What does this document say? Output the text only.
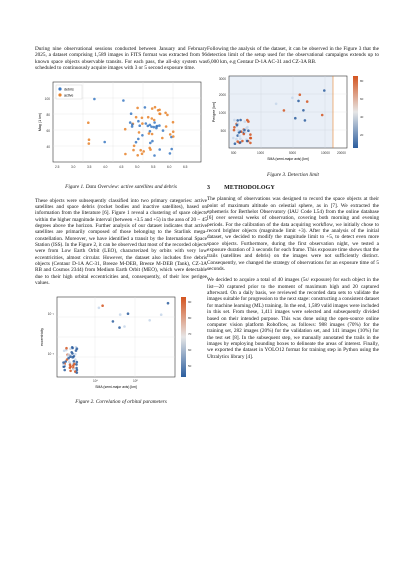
During nine observational sessions conducted between January and February 2025, a dataset comprising 1,589 images in FITS format was extracted from 96 known space objects observable transits. For each pass, the all-sky system was scheduled to continuously acquire images with 3 or 5 second exposure time.

debris
active
Mag (1 km)
100
80
60
40
2.5	3.0	3.5	4.0	4.5	5.0	5.5	6.0	6.5
Figure 1. Data Overview: active satellites and debris

These objects were subsequently classified into two primary categories: active satellites and space debris (rocket bodies and inactive satellites), based on information from the literature [6]. Figure 1 reveal a clustering of space objects within the higher magnitude interval (between +3.5 and +5) in the area of 20 − 45 degrees above the horizon. Further analysis of our dataset indicates that active satellites are primarily composed of those belonging to the Starlink mega-constellation. Moreover, we have identified a transit by the International Space Station (ISS). In the Figure 2, it can be observed that most of the recorded objects were from Low Earth Orbit (LEO), characterized by orbits with very low eccentricities, almost circular. However, the dataset also includes five debris objects (Centaur D-1A AC-31, Breeze M-DEB, Breeze M-DEB (Tank), CZ-3A RB and Cosmos 2344) from Medium Earth Orbit (MEO), which were detectable due to their high orbital eccentricities and, consequently, of their low perigee values.

90
80
70
60
50
eccentricity
SMA (semi-major axis) [km]
10⁻¹
10⁻³
10⁴	10⁵
Figure 2. Correlation of orbital parameters

Following the analysis of the dataset, it can be observed in the Figure 3 that the detection limit of the setup used for the observational campaigns extends up to 6,000 km, e.g Centaur D-1A AC-31 and CZ-3A RB.

80
60
40
20
Perigee [km]
SMA (semi-major axis) [km]
3000
2000
1000
500
500	1000	5000	10000 20000
Figure 3. Detection limit
3 METHODOLOGY

The planning of observations was designed to record the space objects at their point of maximum altitude on celestial sphere, as in [7]. We extracted the ephemeris for Berthelot Observatory (IAU Code L54) from the online database [6] over several weeks of observation, covering both morning and evening periods. For the calibration of the data acquiring workflow, we initially chose to record brighter objects (magnitude limit +3). After the analysis of the initial dataset, we decided to modify the magnitude limit to +5, to detect even more space objects. Furthermore, during the first observation night, we tested a exposure duration of 3 seconds for each frame. This exposure time shows that the trails (satellites and debris) on the images were not sufficiently distinct. Consequently, we changed the strategy of observations for an exposure time of 5 seconds.

We decided to acquire a total of 40 images (5s/ exposure) for each object in the list—20 captured prior to the moment of maximum high and 20 captured afterward. On a daily basis, we reviewed the recorded data sets to validate the images suitable for progression to the next stage: constructing a consistent dataset for machine learning (ML) training. In the end, 1,589 valid images were included in this set. From these, 1,411 images were selected and subsequently divided based on their intended purpose. This was done using the open-source online computer vision platform Roboflow, as follows: 988 images (70%) for the training set, 282 images (20%) for the validation set, and 141 images (10%) for the test set [8]. In the subsequent step, we manually annotated the trails in the images by employing bounding boxes to delineate the areas of interest. Finally, we exported the dataset in YOLO12 format for training step in Python using the Ultralytics library [4].
